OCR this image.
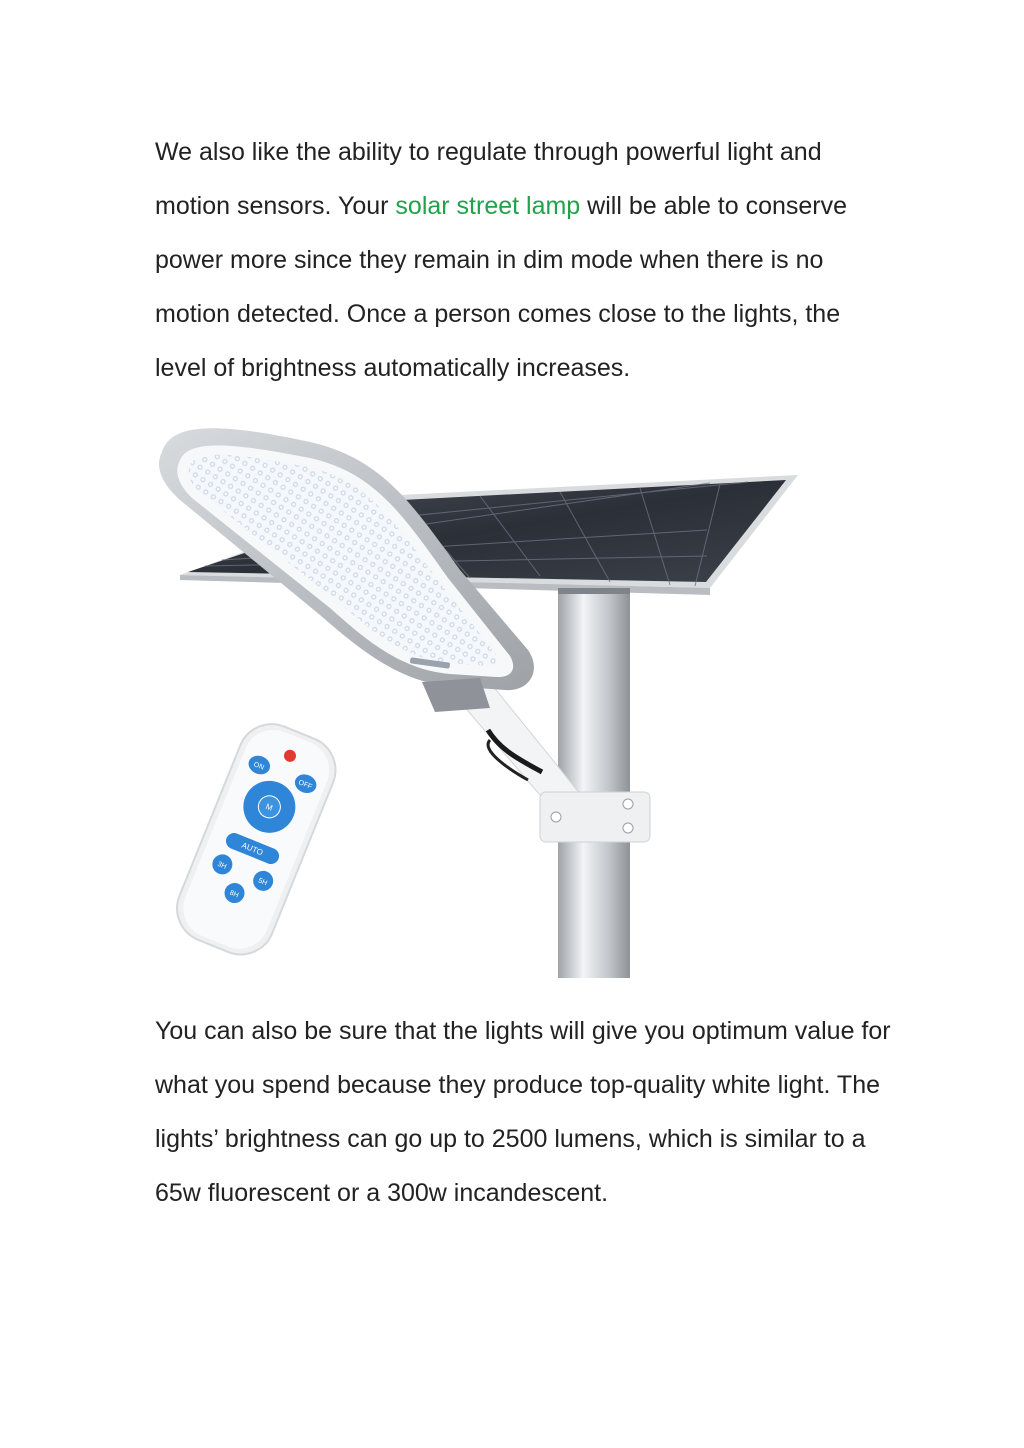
We also like the ability to regulate through powerful light and motion sensors. Your solar street lamp will be able to conserve power more since they remain in dim mode when there is no motion detected. Once a person comes close to the lights, the level of brightness automatically increases.

ON
OFF
M
AUTO
3H
5H
8H

You can also be sure that the lights will give you optimum value for what you spend because they produce top-quality white light. The lights’ brightness can go up to 2500 lumens, which is similar to a 65w fluorescent or a 300w incandescent.
